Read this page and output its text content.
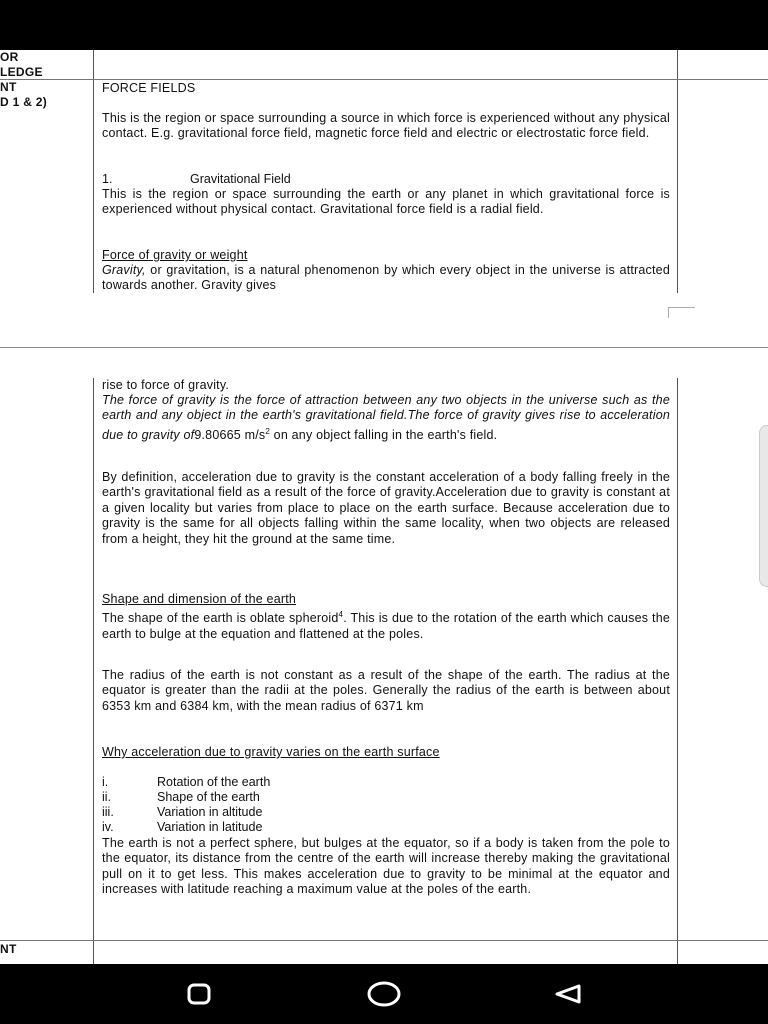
OR
LEDGE
NT
D 1 & 2)
FORCE FIELDS
This is the region or space surrounding a source in which force is experienced without any physical contact. E.g. gravitational force field, magnetic force field and electric or electrostatic force field.
1.	Gravitational Field
This is the region or space surrounding the earth or any planet in which gravitational force is experienced without physical contact. Gravitational force field is a radial field.
Force of gravity or weight
Gravity, or gravitation, is a natural phenomenon by which every object in the universe is attracted towards another. Gravity gives
rise to force of gravity.
The force of gravity is the force of attraction between any two objects in the universe such as the earth and any object in the earth's gravitational field.The force of gravity gives rise to acceleration due to gravity of9.80665 $m/s^2$ on any object falling in the earth's field.
By definition, acceleration due to gravity is the constant acceleration of a body falling freely in the earth's gravitational field as a result of the force of gravity.Acceleration due to gravity is constant at a given locality but varies from place to place on the earth surface. Because acceleration due to gravity is the same for all objects falling within the same locality, when two objects are released from a height, they hit the ground at the same time.
Shape and dimension of the earth
The shape of the earth is oblate spheroid$^4$. This is due to the rotation of the earth which causes the earth to bulge at the equation and flattened at the poles.
The radius of the earth is not constant as a result of the shape of the earth. The radius at the equator is greater than the radii at the poles. Generally the radius of the earth is between about 6353 km and 6384 km, with the mean radius of 6371 km
Why acceleration due to gravity varies on the earth surface
i.	Rotation of the earth
ii.	Shape of the earth
iii.	Variation in altitude
iv.	Variation in latitude
The earth is not a perfect sphere, but bulges at the equator, so if a body is taken from the pole to the equator, its distance from the centre of the earth will increase thereby making the gravitational pull on it to get less. This makes acceleration due to gravity to be minimal at the equator and increases with latitude reaching a maximum value at the poles of the earth.
NT
